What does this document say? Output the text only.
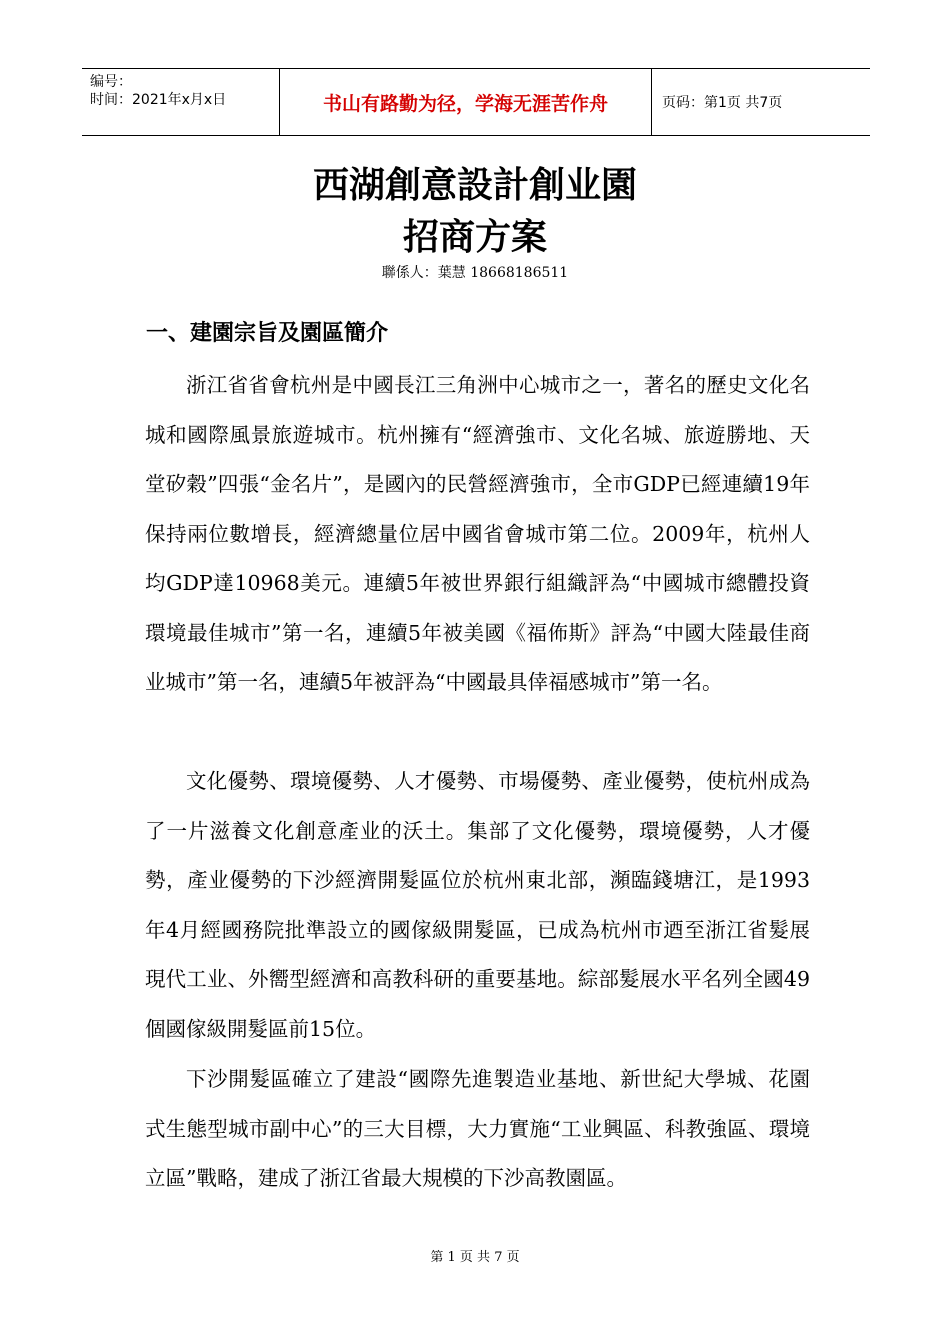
编号：
时间：2021年x月x日	书山有路勤为径，学海无涯苦作舟	页码：第1页 共7页
西湖創意設計創业園
招商方案
聯係人：葉慧 18668186511
一、建園宗旨及園區簡介

浙江省省會杭州是中國長江三角洲中心城市之一，著名的歷史文化名城和國際風景旅遊城市。杭州擁有“經濟強市、文化名城、旅遊勝地、天堂矽穀”四張“金名片”，是國內的民營經濟強市，全市GDP已經連續19年保持兩位數增長，經濟總量位居中國省會城市第二位。2009年，杭州人均GDP達10968美元。連續5年被世界銀行組織評為“中國城市總體投資環境最佳城市”第一名，連續5年被美國《福佈斯》評為“中國大陸最佳商业城市”第一名，連續5年被評為“中國最具倖福感城市”第一名。

文化優勢、環境優勢、人才優勢、市場優勢、產业優勢，使杭州成為了一片滋養文化創意產业的沃土。集部了文化優勢，環境優勢，人才優勢，產业優勢的下沙經濟開髮區位於杭州東北部，瀕臨錢塘江，是1993年4月經國務院批準設立的國傢級開髮區，已成為杭州市迺至浙江省髮展現代工业、外嚮型經濟和高教科研的重要基地。綜部髮展水平名列全國49個國傢級開髮區前15位。

下沙開髮區確立了建設“國際先進製造业基地、新世紀大學城、花園式生態型城市副中心”的三大目標，大力實施“工业興區、科教強區、環境立區”戰略，建成了浙江省最大規模的下沙高教園區。

第 1 页 共 7 页
